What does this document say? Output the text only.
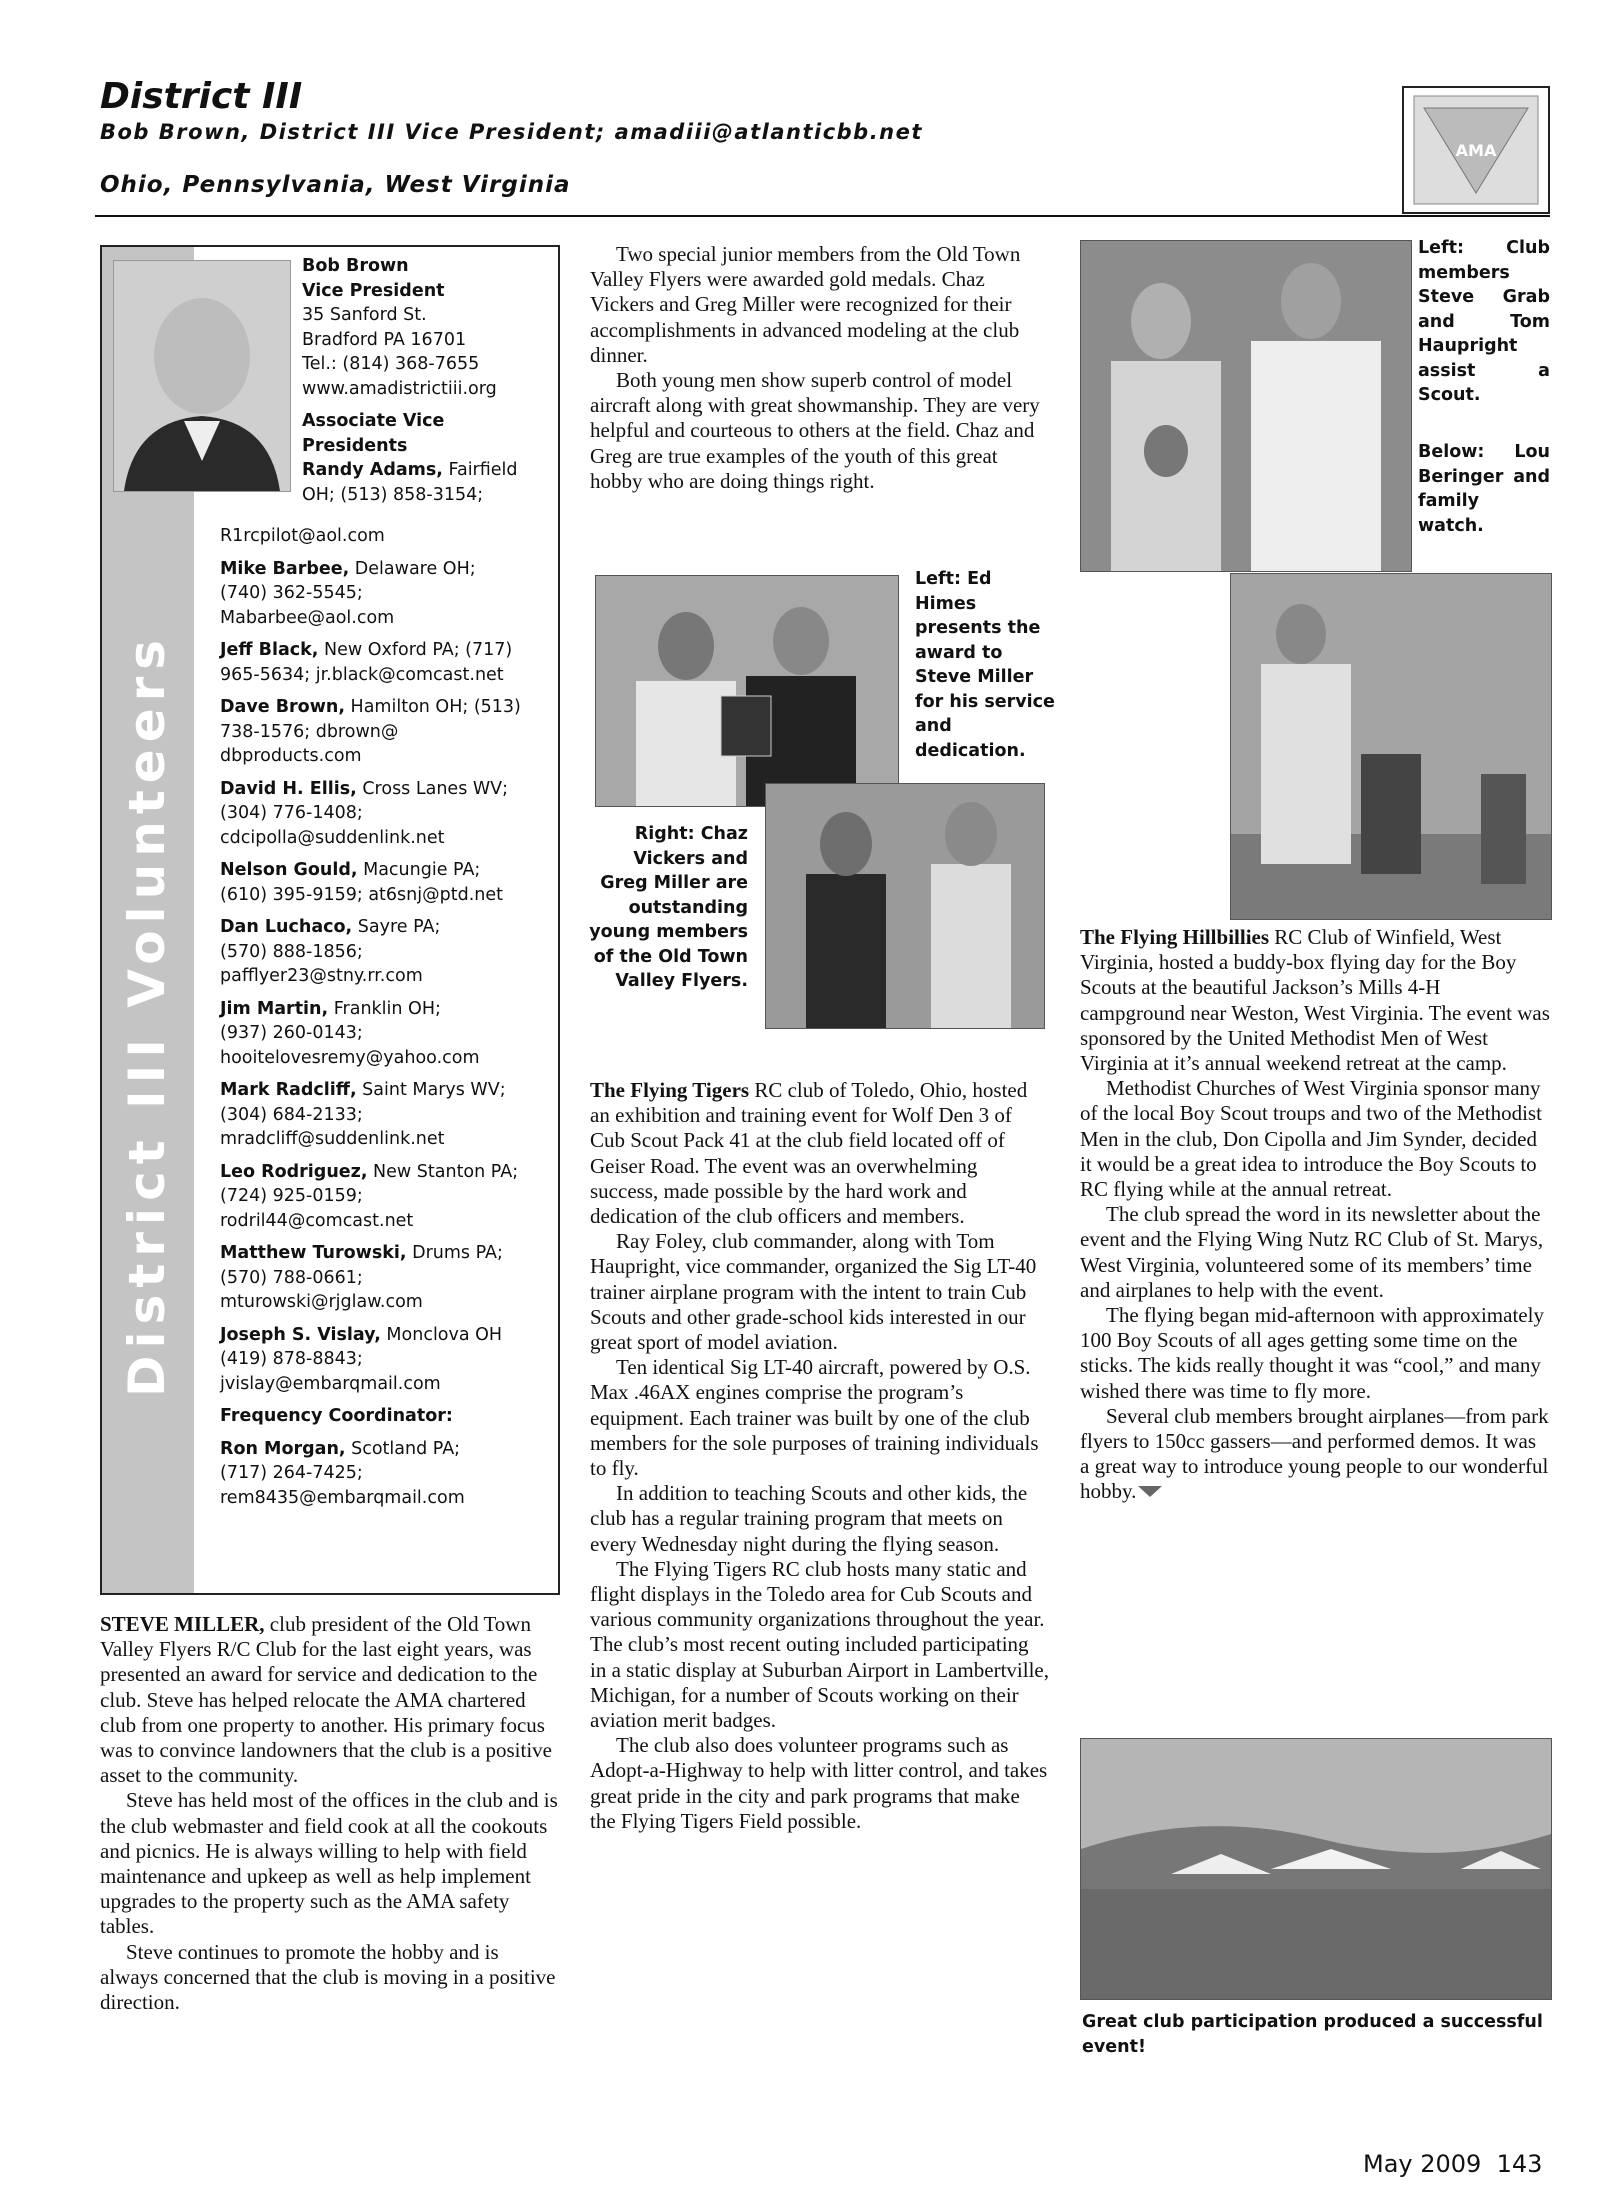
District III
Bob Brown, District III Vice President; amadiii@atlanticbb.net
Ohio, Pennsylvania, West Virginia
AMA
District III Volunteers
Bob Brown
Vice President
35 Sanford St.
Bradford PA 16701
Tel.: (814) 368-7655
www.amadistrictiii.org
Associate Vice
Presidents
Randy Adams, Fairfield
OH; (513) 858-3154;
R1rcpilot@aol.com
Mike Barbee, Delaware OH;
(740) 362-5545;
Mabarbee@aol.com
Jeff Black, New Oxford PA; (717)
965-5634; jr.black@comcast.net
Dave Brown, Hamilton OH; (513)
738-1576; dbrown@
dbproducts.com
David H. Ellis, Cross Lanes WV;
(304) 776-1408;
cdcipolla@suddenlink.net
Nelson Gould, Macungie PA;
(610) 395-9159; at6snj@ptd.net
Dan Luchaco, Sayre PA;
(570) 888-1856;
pafflyer23@stny.rr.com
Jim Martin, Franklin OH;
(937) 260-0143;
hooitelovesremy@yahoo.com
Mark Radcliff, Saint Marys WV;
(304) 684-2133;
mradcliff@suddenlink.net
Leo Rodriguez, New Stanton PA;
(724) 925-0159;
rodril44@comcast.net
Matthew Turowski, Drums PA;
(570) 788-0661;
mturowski@rjglaw.com
Joseph S. Vislay, Monclova OH
(419) 878-8843;
jvislay@embarqmail.com
Frequency Coordinator:
Ron Morgan, Scotland PA;
(717) 264-7425;
rem8435@embarqmail.com

STEVE MILLER, club president of the Old Town Valley Flyers R/C Club for the last eight years, was presented an award for service and dedication to the club. Steve has helped relocate the AMA chartered club from one property to another. His primary focus was to convince landowners that the club is a positive asset to the community.

Steve has held most of the offices in the club and is the club webmaster and field cook at all the cookouts and picnics. He is always willing to help with field maintenance and upkeep as well as help implement upgrades to the property such as the AMA safety tables.

Steve continues to promote the hobby and is always concerned that the club is moving in a positive direction.

Two special junior members from the Old Town Valley Flyers were awarded gold medals. Chaz Vickers and Greg Miller were recognized for their accomplishments in advanced modeling at the club dinner.

Both young men show superb control of model aircraft along with great showmanship. They are very helpful and courteous to others at the field. Chaz and Greg are true examples of the youth of this great hobby who are doing things right.

Left: Ed Himes presents the award to Steve Miller for his service and dedication.
Right: Chaz Vickers and Greg Miller are outstanding young members of the Old Town Valley Flyers.

The Flying Tigers RC club of Toledo, Ohio, hosted an exhibition and training event for Wolf Den 3 of Cub Scout Pack 41 at the club field located off of Geiser Road. The event was an overwhelming success, made possible by the hard work and dedication of the club officers and members.

Ray Foley, club commander, along with Tom Haupright, vice commander, organized the Sig LT-40 trainer airplane program with the intent to train Cub Scouts and other grade-school kids interested in our great sport of model aviation.

Ten identical Sig LT-40 aircraft, powered by O.S. Max .46AX engines comprise the program’s equipment. Each trainer was built by one of the club members for the sole purposes of training individuals to fly.

In addition to teaching Scouts and other kids, the club has a regular training program that meets on every Wednesday night during the flying season.

The Flying Tigers RC club hosts many static and flight displays in the Toledo area for Cub Scouts and various community organizations throughout the year. The club’s most recent outing included participating in a static display at Suburban Airport in Lambertville, Michigan, for a number of Scouts working on their aviation merit badges.

The club also does volunteer programs such as Adopt-a-Highway to help with litter control, and takes great pride in the city and park programs that make the Flying Tigers Field possible.

Left: Club members Steve Grab and Tom Haupright assist a Scout.
Below: Lou Beringer and family watch.

The Flying Hillbillies RC Club of Winfield, West Virginia, hosted a buddy-box flying day for the Boy Scouts at the beautiful Jackson’s Mills 4-H campground near Weston, West Virginia. The event was sponsored by the United Methodist Men of West Virginia at it’s annual weekend retreat at the camp.

Methodist Churches of West Virginia sponsor many of the local Boy Scout troups and two of the Methodist Men in the club, Don Cipolla and Jim Synder, decided it would be a great idea to introduce the Boy Scouts to RC flying while at the annual retreat.

The club spread the word in its newsletter about the event and the Flying Wing Nutz RC Club of St. Marys, West Virginia, volunteered some of its members’ time and airplanes to help with the event.

The flying began mid-afternoon with approximately 100 Boy Scouts of all ages getting some time on the sticks. The kids really thought it was “cool,” and many wished there was time to fly more.

Several club members brought airplanes—from park flyers to 150cc gassers—and performed demos. It was a great way to introduce young people to our wonderful hobby.

Great club participation produced a successful event!
May 2009 143
